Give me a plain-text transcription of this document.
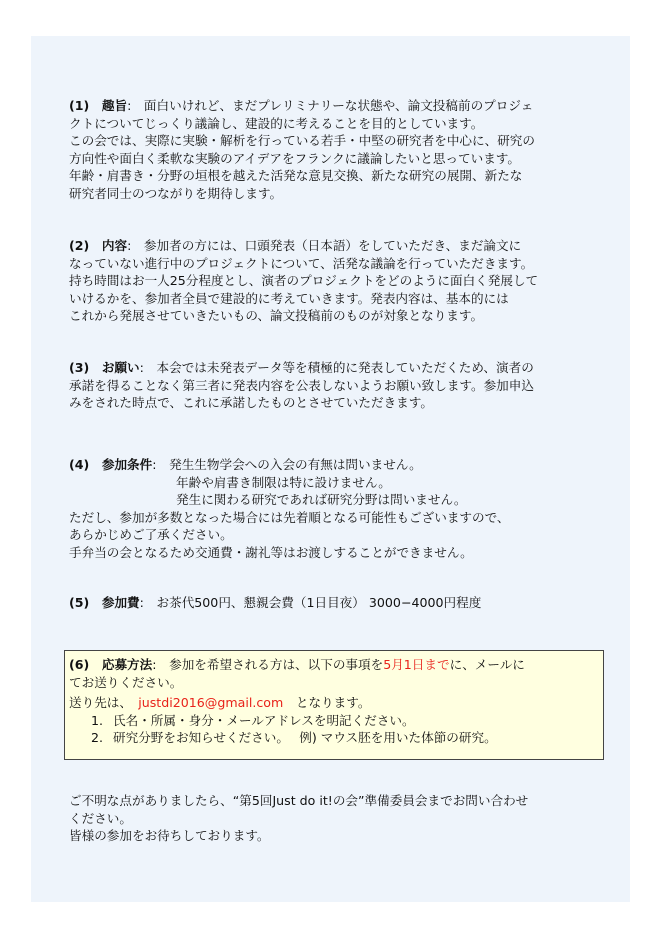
(1)　趣旨:　面白いけれど、まだプレリミナリーな状態や、論文投稿前のプロジェ

クトについてじっくり議論し、建設的に考えることを目的としています。

この会では、実際に実験・解析を行っている若手・中堅の研究者を中心に、研究の

方向性や面白く柔軟な実験のアイデアをフランクに議論したいと思っています。

年齢・肩書き・分野の垣根を越えた活発な意見交換、新たな研究の展開、新たな

研究者同士のつながりを期待します。

(2)　内容:　参加者の方には、口頭発表（日本語）をしていただき、まだ論文に

なっていない進行中のプロジェクトについて、活発な議論を行っていただきます。

持ち時間はお一人25分程度とし、演者のプロジェクトをどのように面白く発展して

いけるかを、参加者全員で建設的に考えていきます。発表内容は、基本的には

これから発展させていきたいもの、論文投稿前のものが対象となります。

(3)　お願い:　本会では未発表データ等を積極的に発表していただくため、演者の

承諾を得ることなく第三者に発表内容を公表しないようお願い致します。参加申込

みをされた時点で、これに承諾したものとさせていただきます。

(4)　参加条件:　発生生物学会への入会の有無は問いません。

年齢や肩書き制限は特に設けません。

発生に関わる研究であれば研究分野は問いません。

ただし、参加が多数となった場合には先着順となる可能性もございますので、

あらかじめご了承ください。

手弁当の会となるため交通費・謝礼等はお渡しすることができません。

(5)　参加費:　お茶代500円、懇親会費（1日目夜） 3000−4000円程度

(6)　応募方法:　参加を希望される方は、以下の事項を5月1日までに、メールに

てお送りください。

送り先は、　justdi2016@gmail.com　となります。

1. 氏名・所属・身分・メールアドレスを明記ください。

2. 研究分野をお知らせください。　 例) マウス胚を用いた体節の研究。

ご不明な点がありましたら、“第5回Just do it!の会”準備委員会までお問い合わせ

ください。

皆様の参加をお待ちしております。
